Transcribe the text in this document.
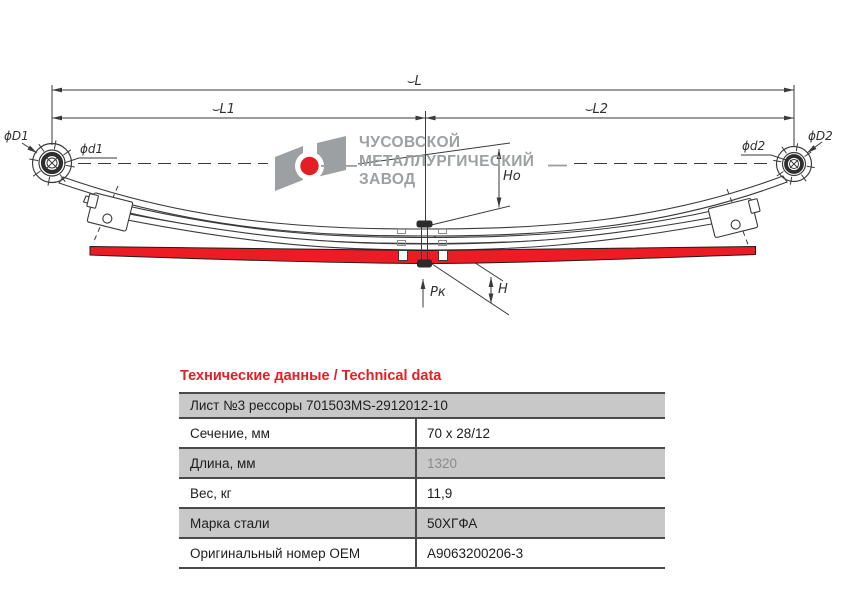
ЧУСОВСКОЙ
МЕТАЛЛУРГИЧЕСКИЙ
ЗАВОД
⌣L
⌣L1	⌣L2
ϕD1
ϕd1	ϕd2
ϕD2
Hо
H
Pк
Технические данные / Technical data
Лист №3 рессоры 701503MS-2912012-10
Сечение, мм	70 x 28/12
Длина, мм	1320
Вес, кг	11,9
Марка стали	50ХГФА
Оригинальный номер OEM	A9063200206-3
